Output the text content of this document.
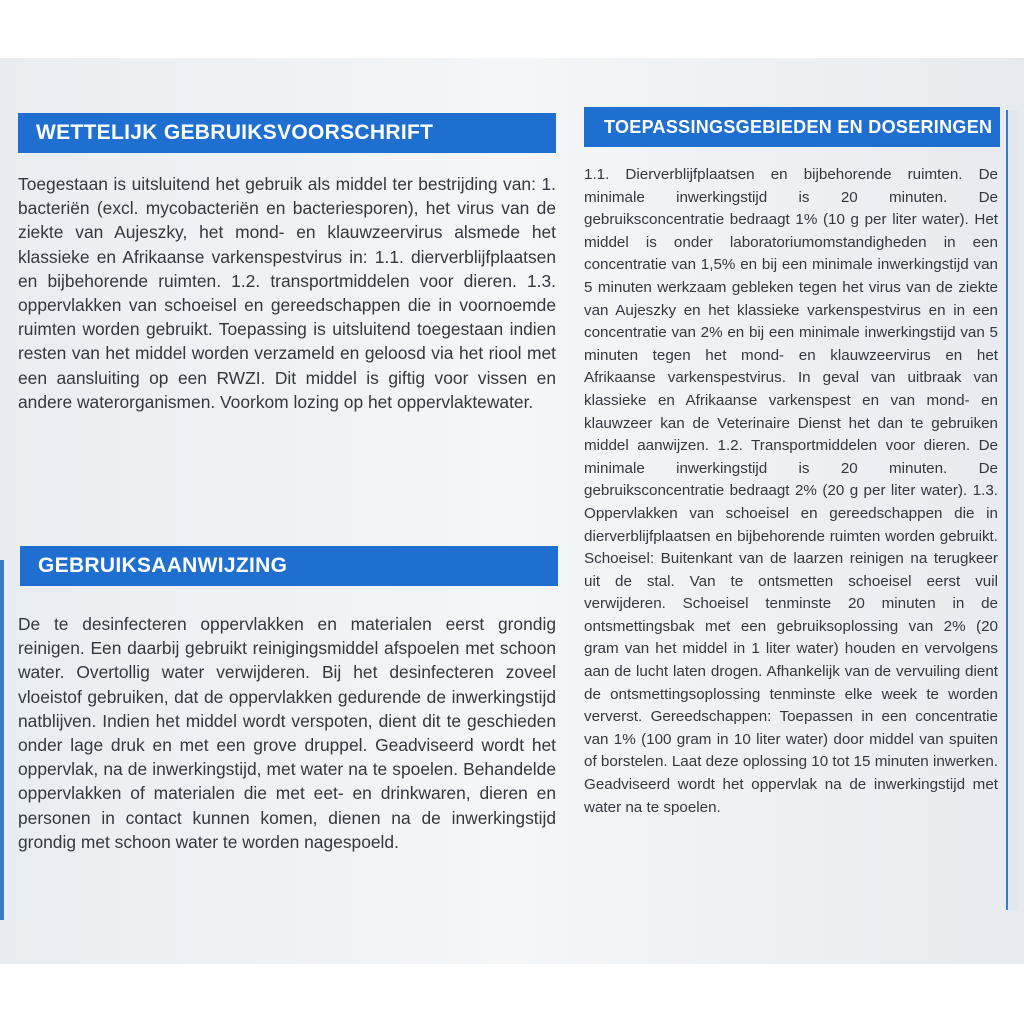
WETTELIJK GEBRUIKSVOORSCHRIFT

Toegestaan is uitsluitend het gebruik als middel ter bestrijding van: 1. bacteriën (excl. mycobacteriën en bacteriesporen), het virus van de ziekte van Aujeszky, het mond- en klauwzeervirus alsmede het klassieke en Afrikaanse varkenspestvirus in: 1.1. dierverblijfplaatsen en bijbehorende ruimten. 1.2. transportmiddelen voor dieren. 1.3. oppervlakken van schoeisel en gereedschappen die in voornoemde ruimten worden gebruikt. Toepassing is uitsluitend toegestaan indien resten van het middel worden verzameld en geloosd via het riool met een aansluiting op een RWZI. Dit middel is giftig voor vissen en andere waterorganismen. Voorkom lozing op het oppervlaktewater.

GEBRUIKSAANWIJZING

De te desinfecteren oppervlakken en materialen eerst grondig reinigen. Een daarbij gebruikt reinigingsmiddel afspoelen met schoon water. Overtollig water verwijderen. Bij het desinfecteren zoveel vloeistof gebruiken, dat de oppervlakken gedurende de inwerkingstijd natblijven. Indien het middel wordt verspoten, dient dit te geschieden onder lage druk en met een grove druppel. Geadviseerd wordt het oppervlak, na de inwerkingstijd, met water na te spoelen. Behandelde oppervlakken of materialen die met eet- en drinkwaren, dieren en personen in contact kunnen komen, dienen na de inwerkingstijd grondig met schoon water te worden nagespoeld.

TOEPASSINGSGEBIEDEN EN DOSERINGEN

1.1. Dierverblijfplaatsen en bijbehorende ruimten. De minimale inwerkingstijd is 20 minuten. De gebruiksconcentratie bedraagt 1% (10 g per liter water). Het middel is onder laboratoriumomstandigheden in een concentratie van 1,5% en bij een minimale inwerkingstijd van 5 minuten werkzaam gebleken tegen het virus van de ziekte van Aujeszky en het klassieke varkenspestvirus en in een concentratie van 2% en bij een minimale inwerkingstijd van 5 minuten tegen het mond- en klauwzeervirus en het Afrikaanse varkenspestvirus. In geval van uitbraak van klassieke en Afrikaanse varkenspest en van mond- en klauwzeer kan de Veterinaire Dienst het dan te gebruiken middel aanwijzen. 1.2. Transportmiddelen voor dieren. De minimale inwerkingstijd is 20 minuten. De gebruiksconcentratie bedraagt 2% (20 g per liter water). 1.3. Oppervlakken van schoeisel en gereedschappen die in dierverblijfplaatsen en bijbehorende ruimten worden gebruikt. Schoeisel: Buitenkant van de laarzen reinigen na terugkeer uit de stal. Van te ontsmetten schoeisel eerst vuil verwijderen. Schoeisel tenminste 20 minuten in de ontsmettingsbak met een gebruiksoplossing van 2% (20 gram van het middel in 1 liter water) houden en vervolgens aan de lucht laten drogen. Afhankelijk van de vervuiling dient de ontsmettingsoplossing tenminste elke week te worden ververst. Gereedschappen: Toepassen in een concentratie van 1% (100 gram in 10 liter water) door middel van spuiten of borstelen. Laat deze oplossing 10 tot 15 minuten inwerken. Geadviseerd wordt het oppervlak na de inwerkingstijd met water na te spoelen.
